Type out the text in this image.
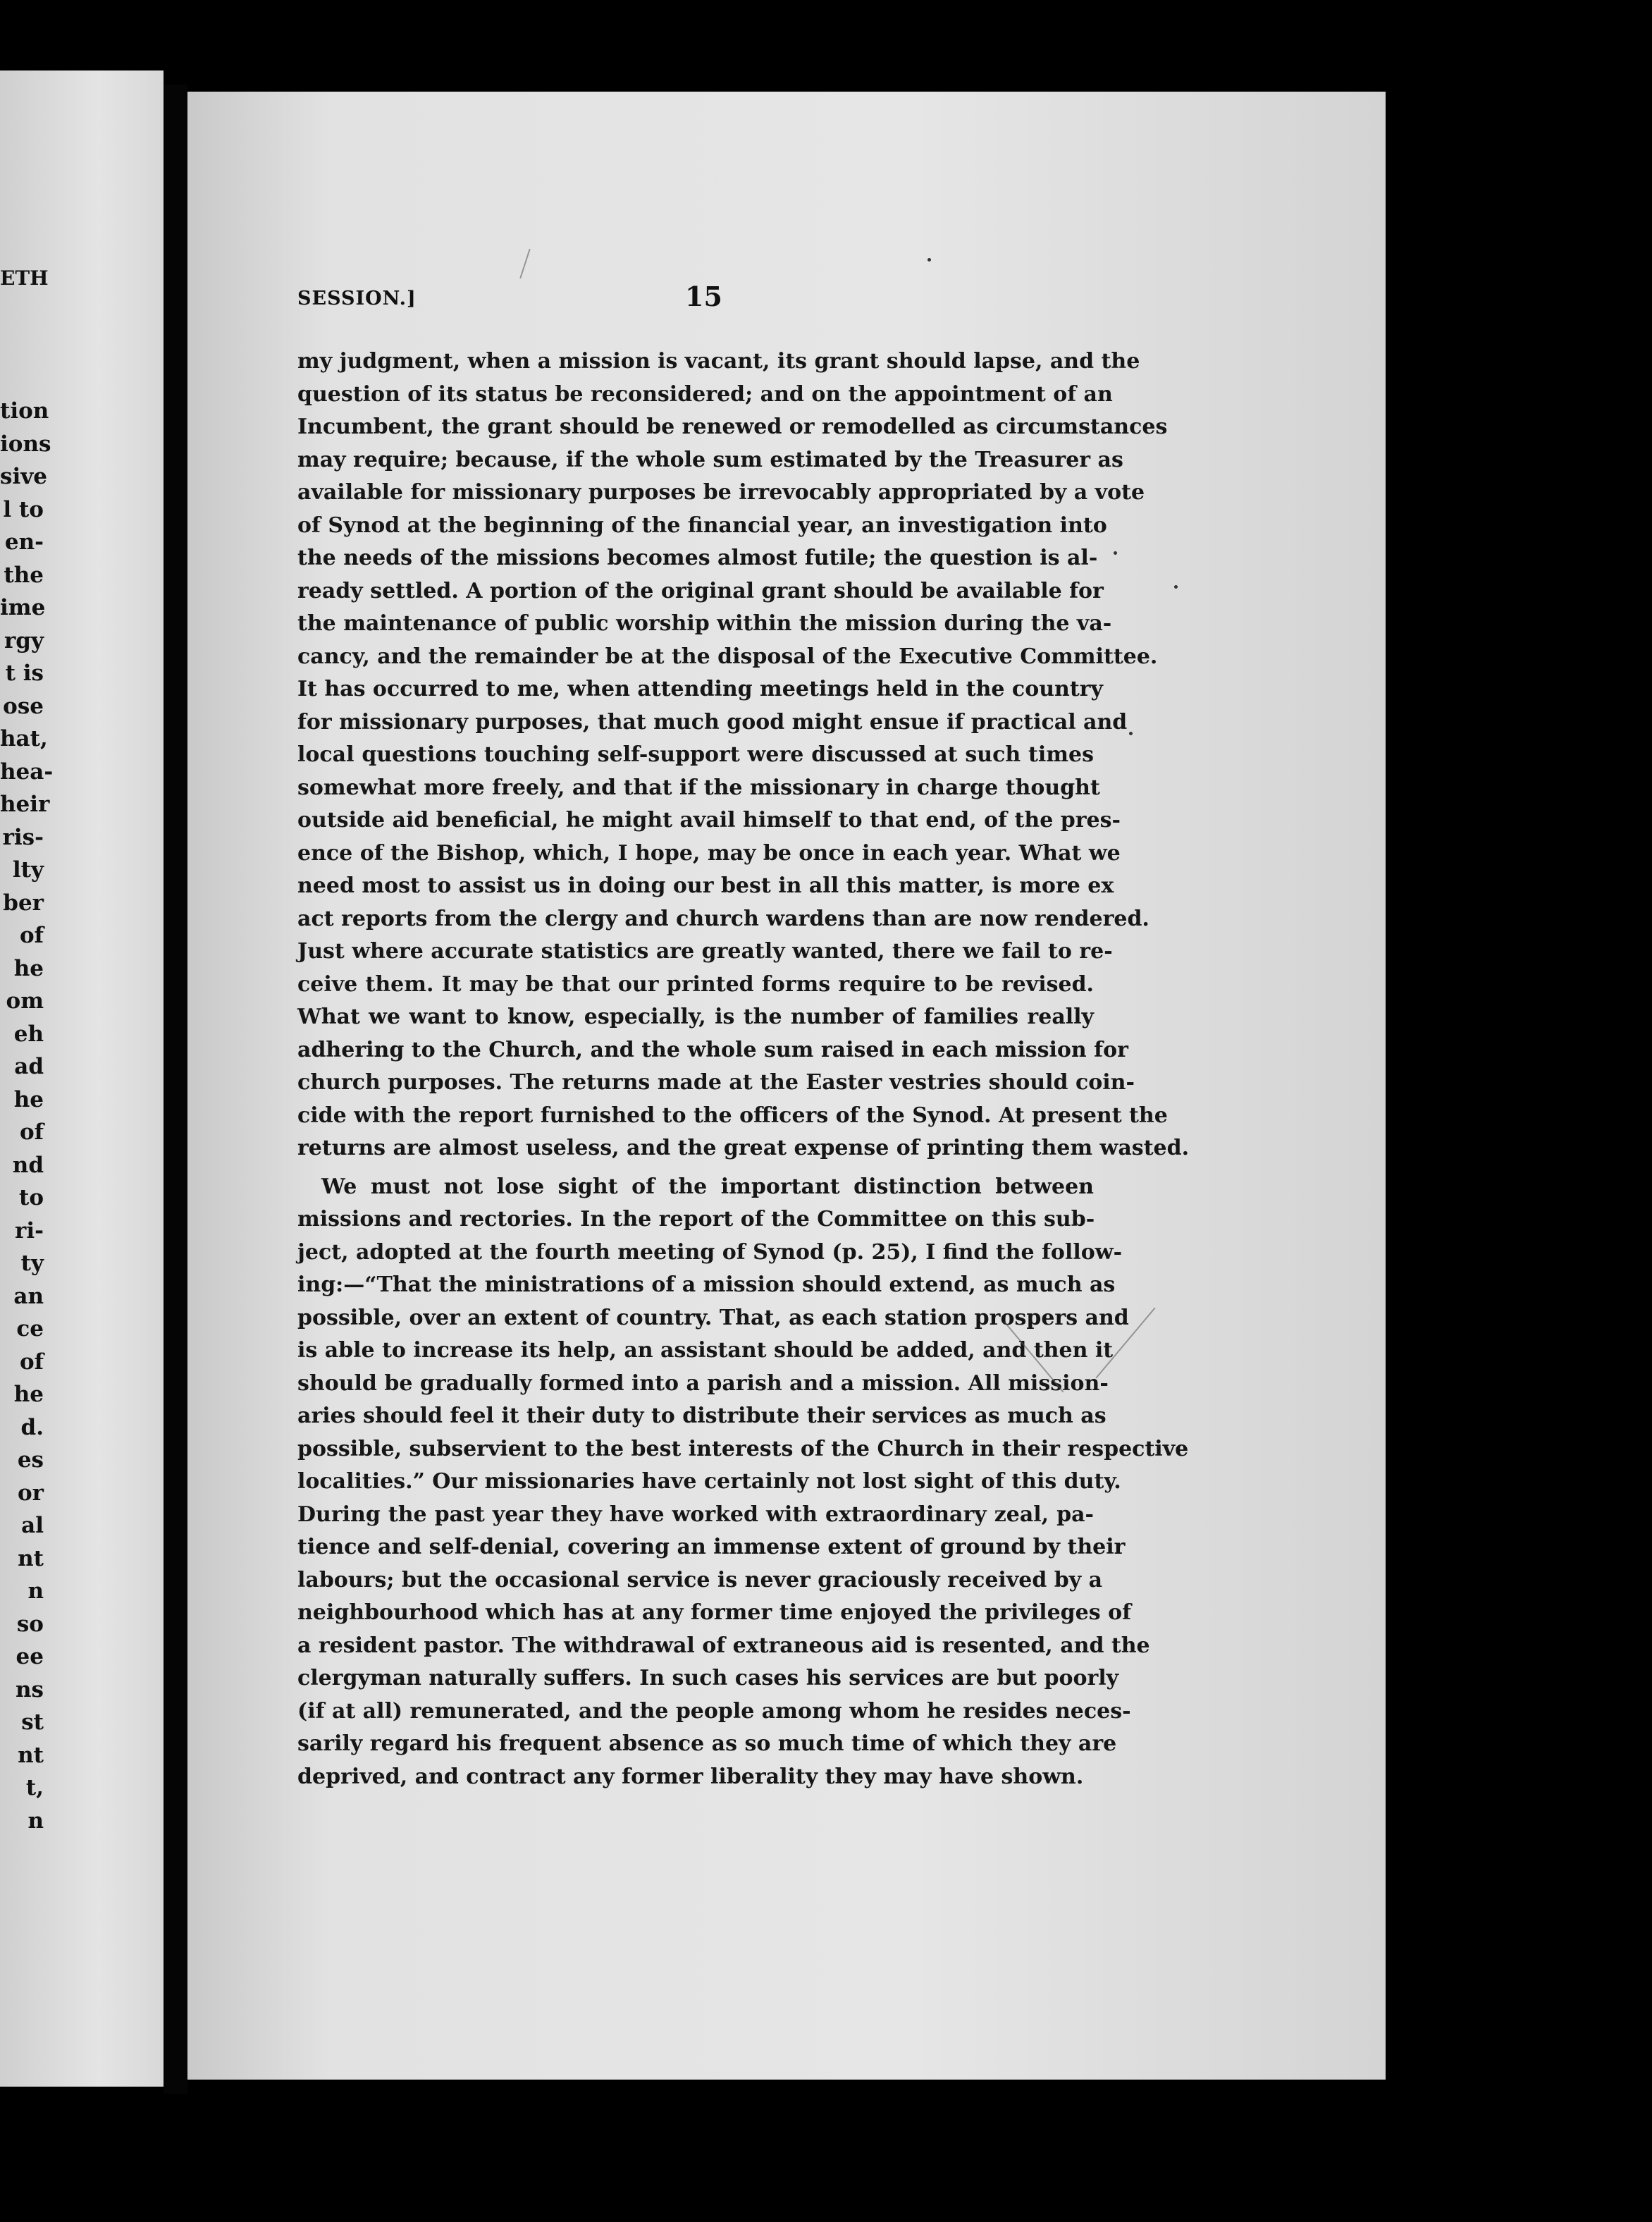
ETH
tion
ions
sive
l to
en-
the
ime
rgy
t is
ose
hat,
hea-
heir
ris-
lty
ber
of
he
om
eh
ad
he
of
nd
to
ri-
ty
an
ce
of
he
d.
es
or
al
nt
n
so
ee
ns
st
nt
t,
n
SESSION.]	15
my judgment, when a mission is vacant, its grant should lapse, and the
question of its status be reconsidered; and on the appointment of an
Incumbent, the grant should be renewed or remodelled as circumstances
may require; because, if the whole sum estimated by the Treasurer as
available for missionary purposes be irrevocably appropriated by a vote
of Synod at the beginning of the financial year, an investigation into
the needs of the missions becomes almost futile; the question is al-
ready settled. A portion of the original grant should be available for
the maintenance of public worship within the mission during the va-
cancy, and the remainder be at the disposal of the Executive Committee.
It has occurred to me, when attending meetings held in the country
for missionary purposes, that much good might ensue if practical and
local questions touching self-support were discussed at such times
somewhat more freely, and that if the missionary in charge thought
outside aid beneficial, he might avail himself to that end, of the pres-
ence of the Bishop, which, I hope, may be once in each year. What we
need most to assist us in doing our best in all this matter, is more ex
act reports from the clergy and church wardens than are now rendered.
Just where accurate statistics are greatly wanted, there we fail to re-
ceive them. It may be that our printed forms require to be revised.
What we want to know, especially, is the number of families really
adhering to the Church, and the whole sum raised in each mission for
church purposes. The returns made at the Easter vestries should coin-
cide with the report furnished to the officers of the Synod. At present the
returns are almost useless, and the great expense of printing them wasted.
We must not lose sight of the important distinction between
missions and rectories. In the report of the Committee on this sub-
ject, adopted at the fourth meeting of Synod (p. 25), I find the follow-
ing:—“That the ministrations of a mission should extend, as much as
possible, over an extent of country. That, as each station prospers and
is able to increase its help, an assistant should be added, and then it
should be gradually formed into a parish and a mission. All mission-
aries should feel it their duty to distribute their services as much as
possible, subservient to the best interests of the Church in their respective
localities.” Our missionaries have certainly not lost sight of this duty.
During the past year they have worked with extraordinary zeal, pa-
tience and self-denial, covering an immense extent of ground by their
labours; but the occasional service is never graciously received by a
neighbourhood which has at any former time enjoyed the privileges of
a resident pastor. The withdrawal of extraneous aid is resented, and the
clergyman naturally suffers. In such cases his services are but poorly
(if at all) remunerated, and the people among whom he resides neces-
sarily regard his frequent absence as so much time of which they are
deprived, and contract any former liberality they may have shown.
